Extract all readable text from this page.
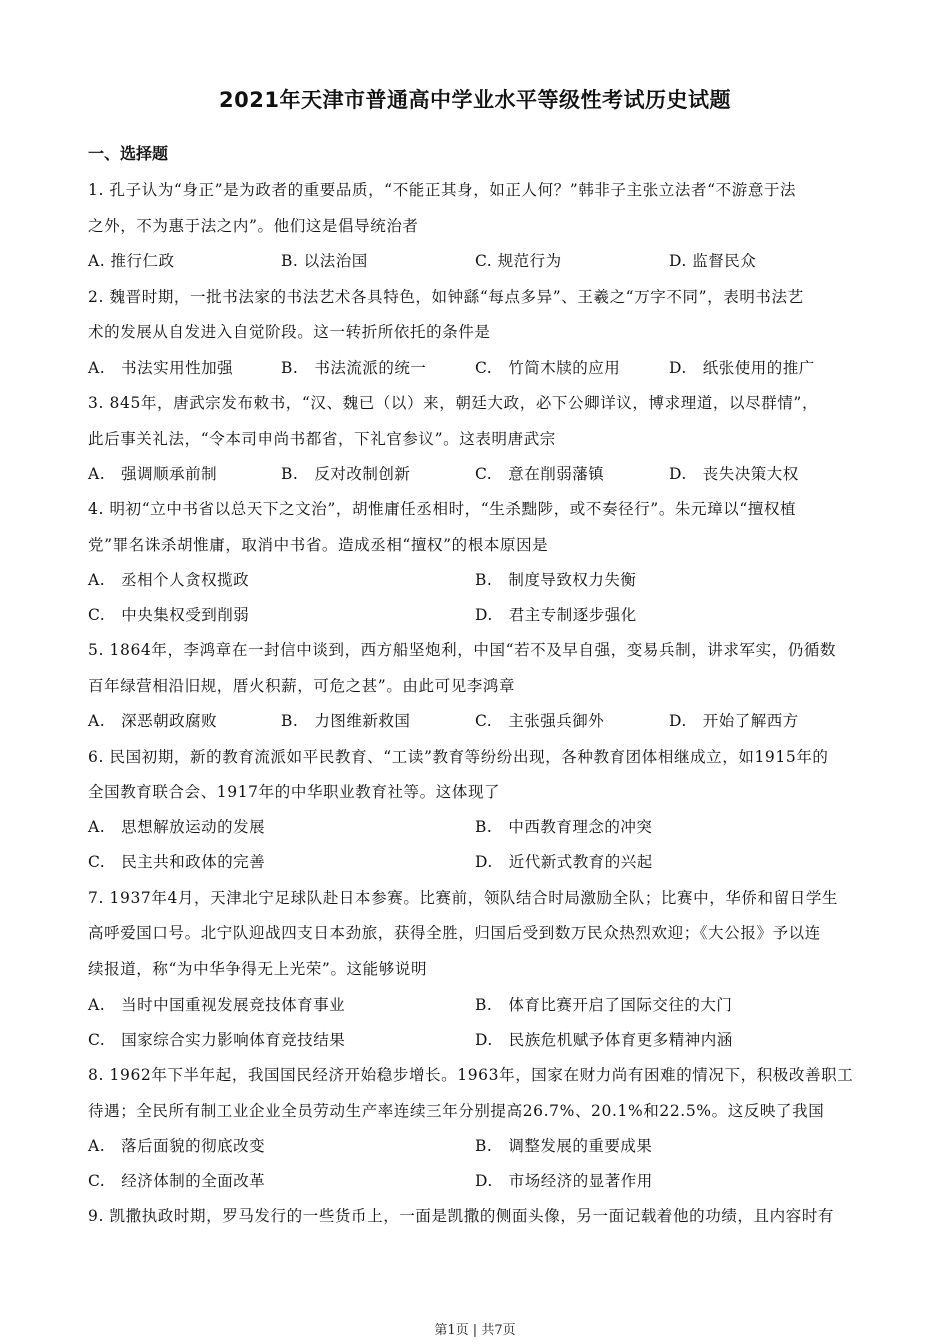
2021年天津市普通高中学业水平等级性考试历史试题
一、选择题
1. 孔子认为“身正”是为政者的重要品质，“不能正其身，如正人何？”韩非子主张立法者“不游意于法
之外，不为惠于法之内”。他们这是倡导统治者
A. 推行仁政	B. 以法治国	C. 规范行为	D. 监督民众
2. 魏晋时期，一批书法家的书法艺术各具特色，如钟繇“每点多异”、王羲之“万字不同”，表明书法艺
术的发展从自发进入自觉阶段。这一转折所依托的条件是
A.　书法实用性加强	B.　书法流派的统一	C.　竹简木牍的应用	D.　纸张使用的推广
3. 845年，唐武宗发布敕书，“汉、魏已（以）来，朝廷大政，必下公卿详议，博求理道，以尽群情”，
此后事关礼法，“令本司申尚书都省，下礼官参议”。这表明唐武宗
A.　强调顺承前制	B.　反对改制创新	C.　意在削弱藩镇	D.　丧失决策大权
4. 明初“立中书省以总天下之文治”，胡惟庸任丞相时，“生杀黜陟，或不奏径行”。朱元璋以“擅权植
党”罪名诛杀胡惟庸，取消中书省。造成丞相“擅权”的根本原因是
A.　丞相个人贪权揽政	B.　制度导致权力失衡
C.　中央集权受到削弱	D.　君主专制逐步强化
5. 1864年，李鸿章在一封信中谈到，西方船坚炮利，中国“若不及早自强，变易兵制，讲求军实，仍循数
百年绿营相沿旧规，厝火积薪，可危之甚”。由此可见李鸿章
A.　深恶朝政腐败	B.　力图维新救国	C.　主张强兵御外	D.　开始了解西方
6. 民国初期，新的教育流派如平民教育、“工读”教育等纷纷出现，各种教育团体相继成立，如1915年的
全国教育联合会、1917年的中华职业教育社等。这体现了
A.　思想解放运动的发展	B.　中西教育理念的冲突
C.　民主共和政体的完善	D.　近代新式教育的兴起
7. 1937年4月，天津北宁足球队赴日本参赛。比赛前，领队结合时局激励全队；比赛中，华侨和留日学生
高呼爱国口号。北宁队迎战四支日本劲旅，获得全胜，归国后受到数万民众热烈欢迎；《大公报》予以连
续报道，称“为中华争得无上光荣”。这能够说明
A.　当时中国重视发展竞技体育事业	B.　体育比赛开启了国际交往的大门
C.　国家综合实力影响体育竞技结果	D.　民族危机赋予体育更多精神内涵
8. 1962年下半年起，我国国民经济开始稳步增长。1963年，国家在财力尚有困难的情况下，积极改善职工
待遇；全民所有制工业企业全员劳动生产率连续三年分别提高26.7%、20.1%和22.5%。这反映了我国
A.　落后面貌的彻底改变	B.　调整发展的重要成果
C.　经济体制的全面改革	D.　市场经济的显著作用
9. 凯撒执政时期，罗马发行的一些货币上，一面是凯撒的侧面头像，另一面记载着他的功绩，且内容时有
第1页 | 共7页
